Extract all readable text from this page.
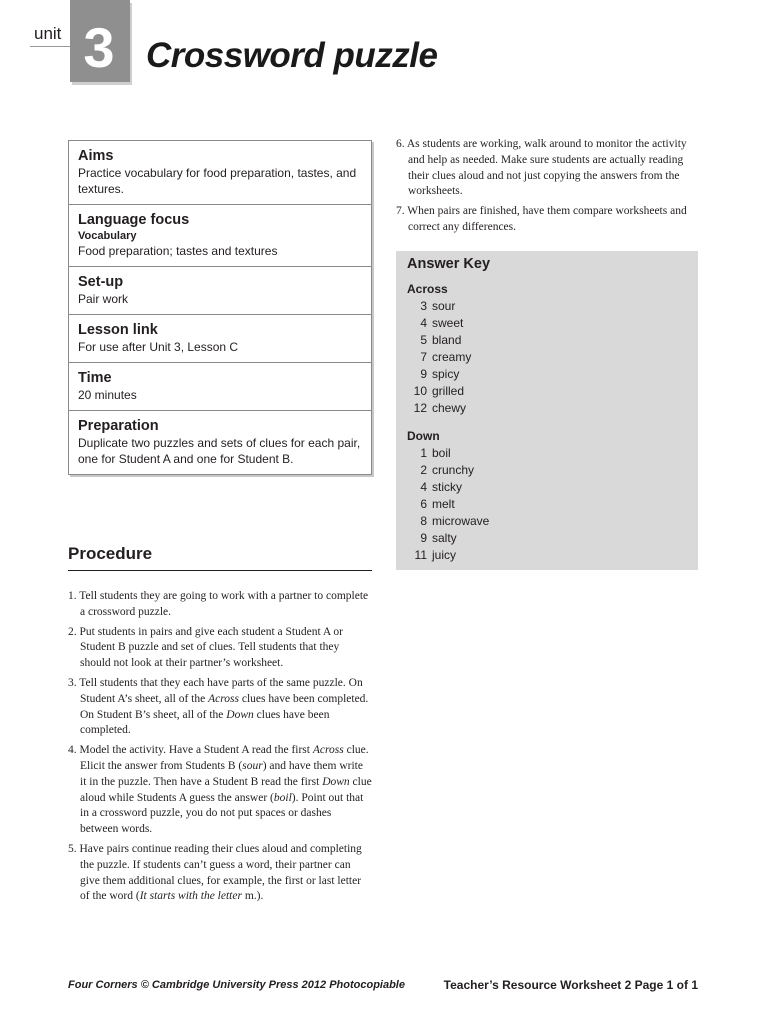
unit 3 Crossword puzzle
Aims
Practice vocabulary for food preparation, tastes, and textures.
Language focus
Vocabulary
Food preparation; tastes and textures
Set-up
Pair work
Lesson link
For use after Unit 3, Lesson C
Time
20 minutes
Preparation
Duplicate two puzzles and sets of clues for each pair, one for Student A and one for Student B.
Procedure
1. Tell students they are going to work with a partner to complete a crossword puzzle.
2. Put students in pairs and give each student a Student A or Student B puzzle and set of clues. Tell students that they should not look at their partner’s worksheet.
3. Tell students that they each have parts of the same puzzle. On Student A’s sheet, all of the Across clues have been completed. On Student B’s sheet, all of the Down clues have been completed.
4. Model the activity. Have a Student A read the first Across clue. Elicit the answer from Students B (sour) and have them write it in the puzzle. Then have a Student B read the first Down clue aloud while Students A guess the answer (boil). Point out that in a crossword puzzle, you do not put spaces or dashes between words.
5. Have pairs continue reading their clues aloud and completing the puzzle. If students can’t guess a word, their partner can give them additional clues, for example, the first or last letter of the word (It starts with the letter m.).
6. As students are working, walk around to monitor the activity and help as needed. Make sure students are actually reading their clues aloud and not just copying the answers from the worksheets.
7. When pairs are finished, have them compare worksheets and correct any differences.
Answer Key
Across
3 sour
4 sweet
5 bland
7 creamy
9 spicy
10 grilled
12 chewy
Down
1 boil
2 crunchy
4 sticky
6 melt
8 microwave
9 salty
11 juicy
Four Corners © Cambridge University Press 2012 Photocopiable	Teacher’s Resource Worksheet 2 Page 1 of 1
